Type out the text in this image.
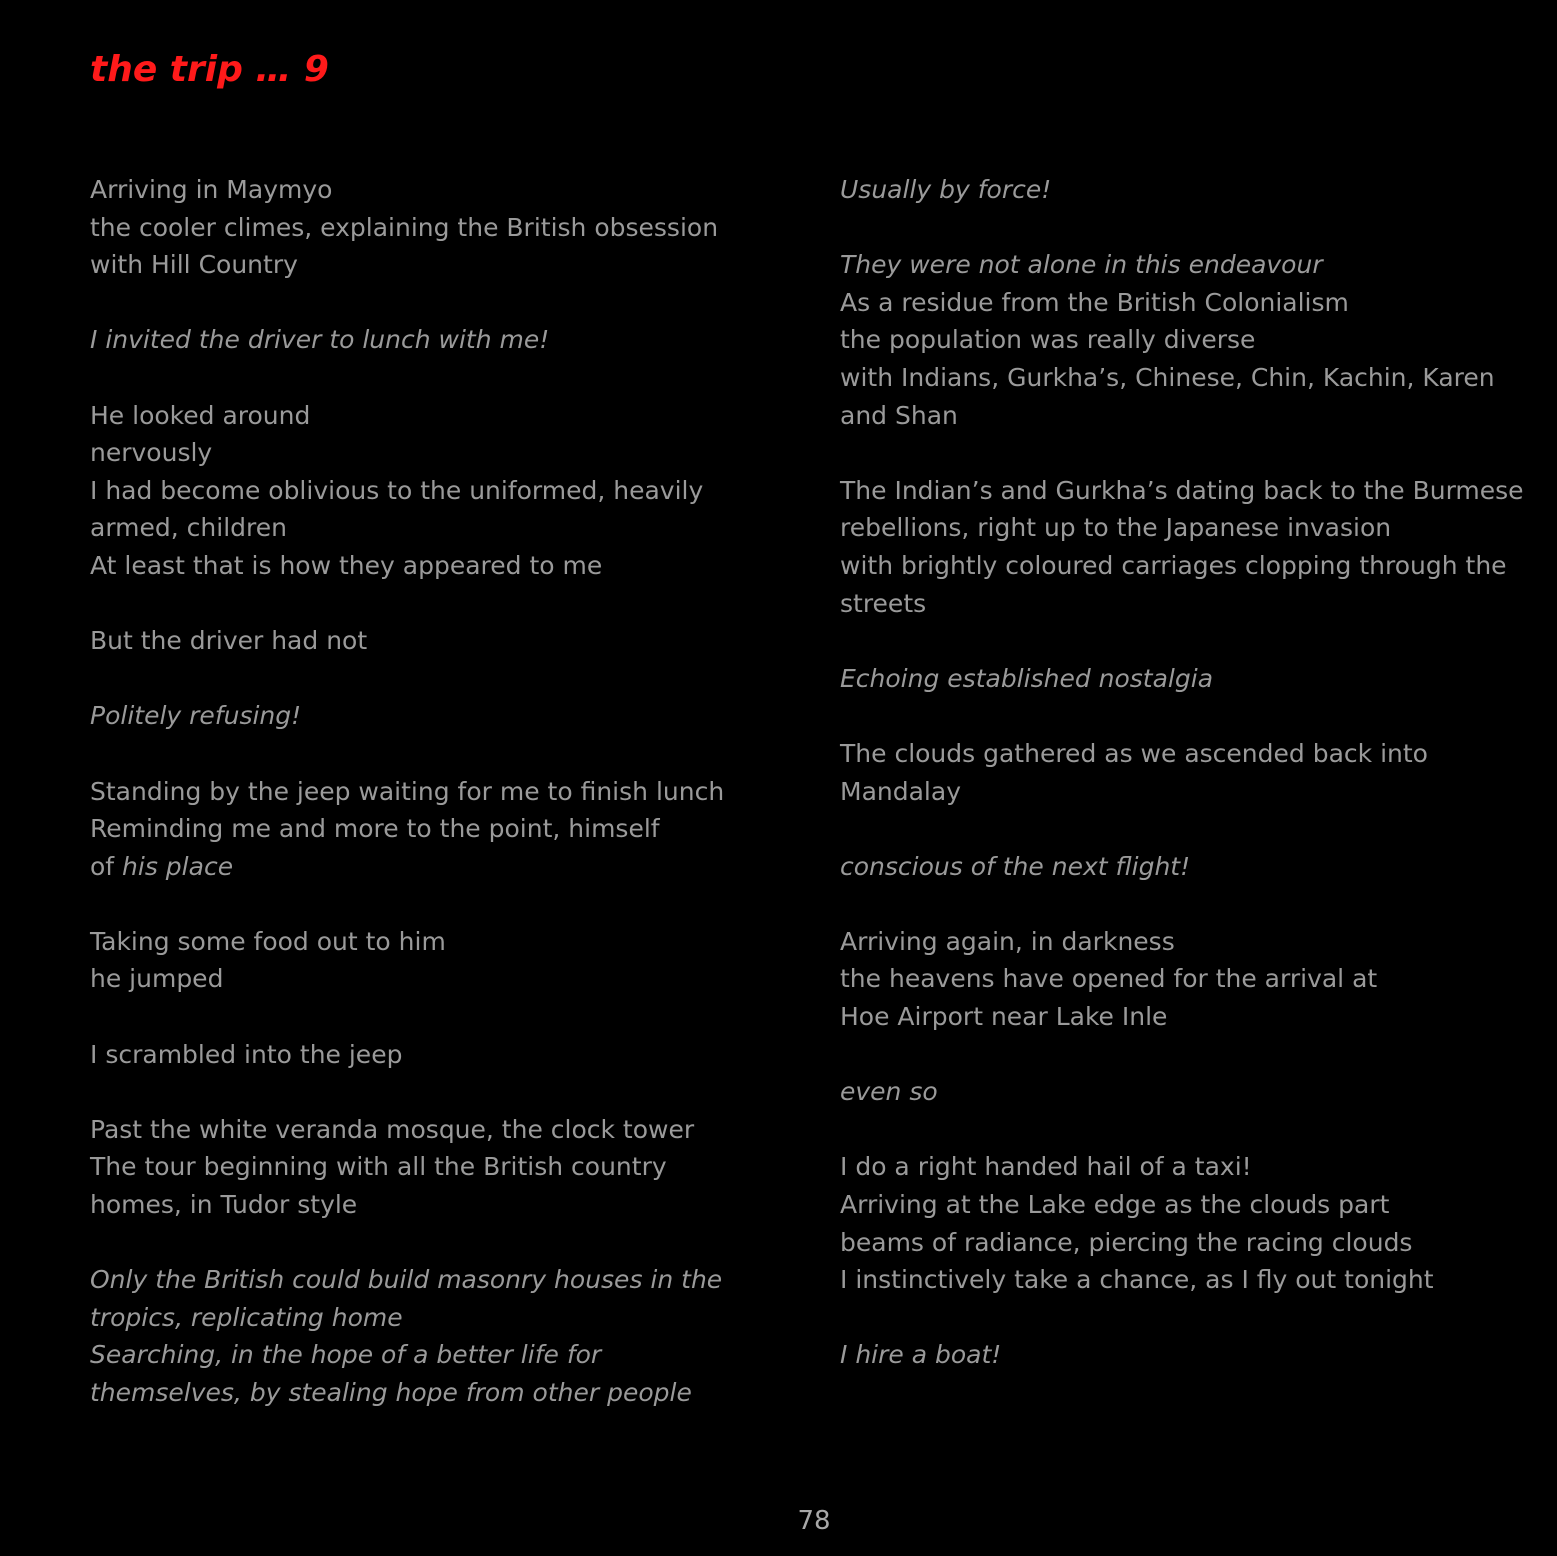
the trip … 9
Arriving in Maymyo
the cooler climes, explaining the British obsession
with Hill Country
I invited the driver to lunch with me!
He looked around
nervously
I had become oblivious to the uniformed, heavily
armed, children
At least that is how they appeared to me
But the driver had not
Politely refusing!
Standing by the jeep waiting for me to finish lunch
Reminding me and more to the point, himself
of his place
Taking some food out to him
he jumped
I scrambled into the jeep
Past the white veranda mosque, the clock tower
The tour beginning with all the British country
homes, in Tudor style
Only the British could build masonry houses in the
tropics, replicating home
Searching, in the hope of a better life for
themselves, by stealing hope from other people
Usually by force!
They were not alone in this endeavour
As a residue from the British Colonialism
the population was really diverse
with Indians, Gurkha’s, Chinese, Chin, Kachin, Karen
and Shan
The Indian’s and Gurkha’s dating back to the Burmese
rebellions, right up to the Japanese invasion
with brightly coloured carriages clopping through the
streets
Echoing established nostalgia
The clouds gathered as we ascended back into
Mandalay
conscious of the next flight!
Arriving again, in darkness
the heavens have opened for the arrival at
Hoe Airport near Lake Inle
even so
I do a right handed hail of a taxi!
Arriving at the Lake edge as the clouds part
beams of radiance, piercing the racing clouds
I instinctively take a chance, as I fly out tonight
I hire a boat!
78
